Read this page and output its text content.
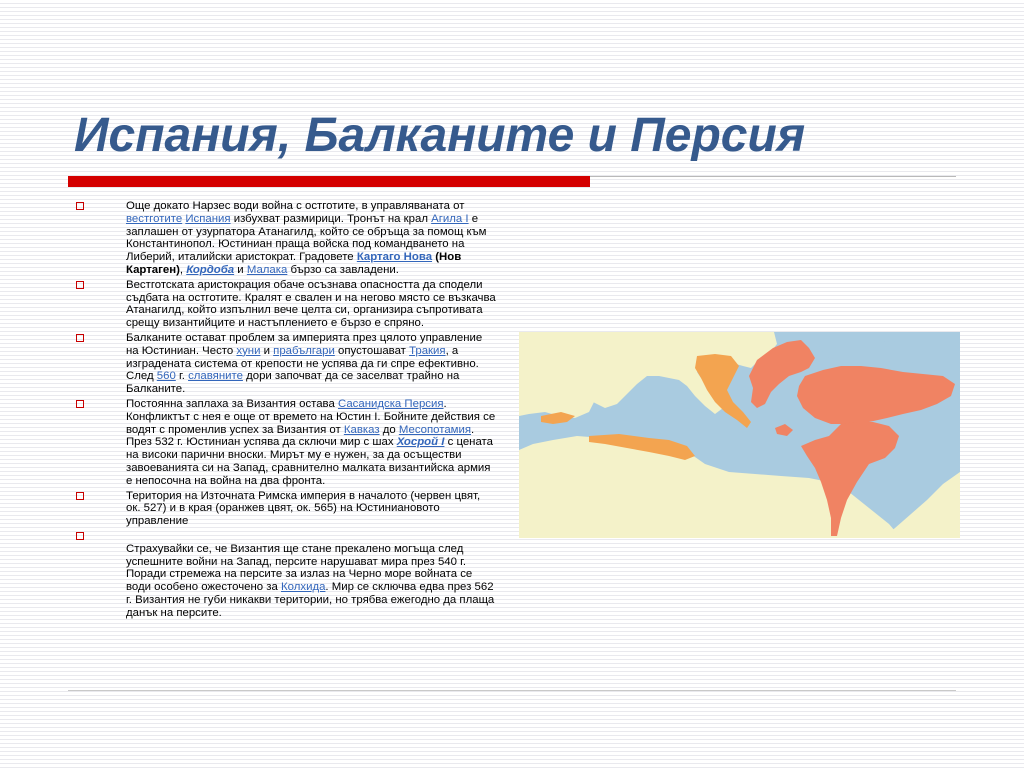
Испания, Балканите и Персия
Още докато Нарзес води война с остготите, в управляваната от вестготите Испания избухват размирици. Тронът на крал Агила I е заплашен от узурпатора Атанагилд, който се обръща за помощ към Константинопол. Юстиниан праща войска под командването на Либерий, италийски аристократ. Градовете Картаго Нова (Нов Картаген), Кордоба и Малака бързо са завладени.
Вестготската аристокрация обаче осъзнава опасността да сподели съдбата на остготите. Кралят е свален и на негово място се възкачва Атанагилд, който изпълнил вече целта си, организира съпротивата срещу византийците и настъплението е бързо е спряно.
Балканите остават проблем за империята през цялото управление на Юстиниан. Често хуни и прабългари опустошават Тракия, а изградената система от крепости не успява да ги спре ефективно. След 560 г. славяните дори започват да се заселват трайно на Балканите.
Постоянна заплаха за Византия остава Сасанидска Персия. Конфликтът с нея е още от времето на Юстин I. Бойните действия се водят с променлив успех за Византия от Кавказ до Месопотамия. През 532 г. Юстиниан успява да сключи мир с шах Хосрой I с цената на високи парични вноски. Мирът му е нужен, за да осъществи завоеванията си на Запад, сравнително малката византийска армия е непосочна на война на два фронта.
Територия на Източната Римска империя в началото (червен цвят, ок. 527) и в края (оранжев цвят, ок. 565) на Юстиниановото управление

Страхувайки се, че Византия ще стане прекалено могъща след успешните войни на Запад, персите нарушават мира през 540 г. Поради стремежа на персите за излаз на Черно море войната се води особено ожесточено за Колхида. Мир се сключва едва през 562 г. Византия не губи никакви територии, но трябва ежегодно да плаща данък на персите.
